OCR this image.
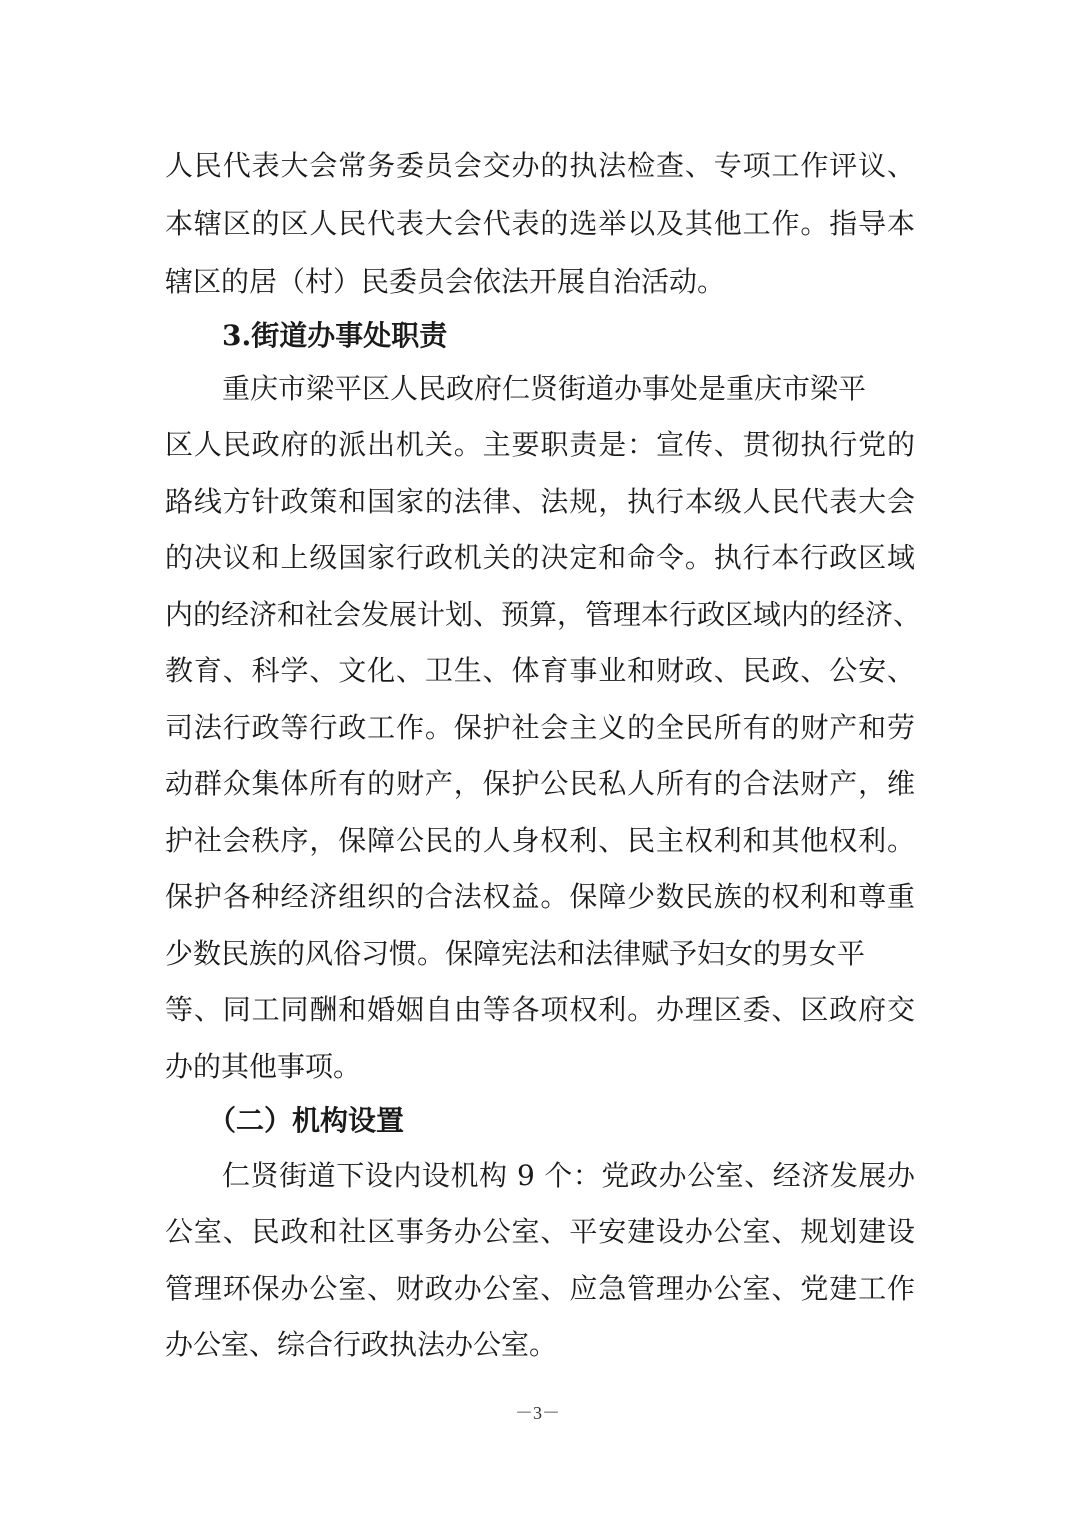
人民代表大会常务委员会交办的执法检查、专项工作评议、
本辖区的区人民代表大会代表的选举以及其他工作。指导本
辖区的居（村）民委员会依法开展自治活动。
3.街道办事处职责
重庆市梁平区人民政府仁贤街道办事处是重庆市梁平
区人民政府的派出机关。主要职责是：宣传、贯彻执行党的
路线方针政策和国家的法律、法规，执行本级人民代表大会
的决议和上级国家行政机关的决定和命令。执行本行政区域
内的经济和社会发展计划、预算，管理本行政区域内的经济、
教育、科学、文化、卫生、体育事业和财政、民政、公安、
司法行政等行政工作。保护社会主义的全民所有的财产和劳
动群众集体所有的财产，保护公民私人所有的合法财产，维
护社会秩序，保障公民的人身权利、民主权利和其他权利。
保护各种经济组织的合法权益。保障少数民族的权利和尊重
少数民族的风俗习惯。保障宪法和法律赋予妇女的男女平
等、同工同酬和婚姻自由等各项权利。办理区委、区政府交
办的其他事项。
（二）机构设置
仁贤街道下设内设机构 9 个：党政办公室、经济发展办
公室、民政和社区事务办公室、平安建设办公室、规划建设
管理环保办公室、财政办公室、应急管理办公室、党建工作
办公室、综合行政执法办公室。
－3－
